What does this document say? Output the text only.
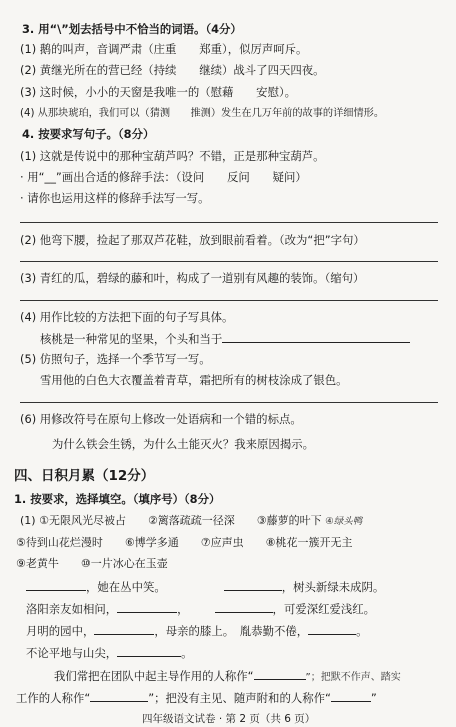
3. 用“\”划去括号中不恰当的词语。（4分）
(1) 鹅的叫声，音调严肃（庄重　　郑重），似厉声呵斥。
(2) 黄继光所在的营已经（持续　　继续）战斗了四天四夜。
(3) 这时候，小小的天窗是我唯一的（慰藉　　安慰）。
(4) 从那块琥珀，我们可以（猜测　　推测）发生在几万年前的故事的详细情形。
4. 按要求写句子。（8分）
(1) 这就是传说中的那种宝葫芦吗？不错，正是那种宝葫芦。
· 用“__”画出合适的修辞手法：（设问　　反问　　疑问）
· 请你也运用这样的修辞手法写一写。
(2) 他弯下腰，捡起了那双芦花鞋，放到眼前看着。（改为“把”字句）
(3) 青红的瓜，碧绿的藤和叶，构成了一道别有风趣的装饰。（缩句）
(4) 用作比较的方法把下面的句子写具体。
核桃是一种常见的坚果，个头和当于
(5) 仿照句子，选择一个季节写一写。
雪用他的白色大衣覆盖着青草，霜把所有的树枝涂成了银色。
(6) 用修改符号在原句上修改一处语病和一个错的标点。
为什么铁会生锈，为什么土能灭火？我来原因揭示。
四、日积月累（12分）
1. 按要求，选择填空。（填序号）（8分）
(1) ①无限风光尽被占　　②篱落疏疏一径深　　③藤萝的叶下 ④绿头鸭
⑤待到山花烂漫时　　⑥博学多通　　⑦应声虫　　⑧桃花一簇开无主
⑨老黄牛　　⑩一片冰心在玉壶
，她在丛中笑。	，树头新绿未成阴。
洛阳亲友如相问，	，	，可爱深红爱浅红。
月明的园中，	，母亲的膝上。　胤恭勤不倦，	。
不论平地与山尖，	。
我们常把在团队中起主导作用的人称作“	”；把默不作声、踏实
工作的人称作“	”；把没有主见、随声附和的人称作“	”
四年级语文试卷 · 第 2 页（共 6 页）
